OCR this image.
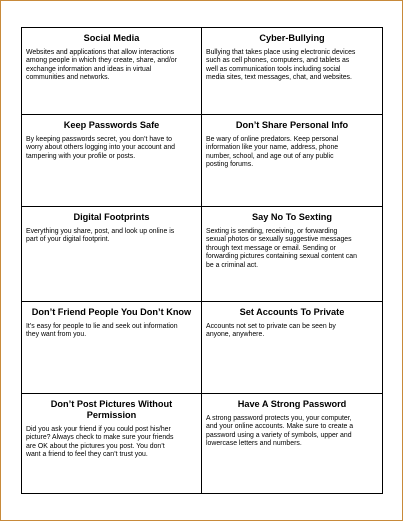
Social Media

Websites and applications that allow interactions
among people in which they create, share, and/or
exchange information and ideas in virtual
communities and networks.

Cyber-Bullying

Bullying that takes place using electronic devices
such as cell phones, computers, and tablets as
well as communication tools including social
media sites, text messages, chat, and websites.

Keep Passwords Safe

By keeping passwords secret, you don’t have to
worry about others logging into your account and
tampering with your profile or posts.

Don’t Share Personal Info

Be wary of online predators. Keep personal
information like your name, address, phone
number, school, and age out of any public
posting forums.

Digital Footprints

Everything you share, post, and look up online is
part of your digital footprint.

Say No To Sexting

Sexting is sending, receiving, or forwarding
sexual photos or sexually suggestive messages
through text message or email. Sending or
forwarding pictures containing sexual content can
be a criminal act.

Don’t Friend People You Don’t Know

It’s easy for people to lie and seek out information
they want from you.

Set Accounts To Private

Accounts not set to private can be seen by
anyone, anywhere.

Don’t Post Pictures Without Permission

Did you ask your friend if you could post his/her
picture? Always check to make sure your friends
are OK about the pictures you post. You don’t
want a friend to feel they can’t trust you.

Have A Strong Password

A strong password protects you, your computer,
and your online accounts. Make sure to create a
password using a variety of symbols, upper and
lowercase letters and numbers.
